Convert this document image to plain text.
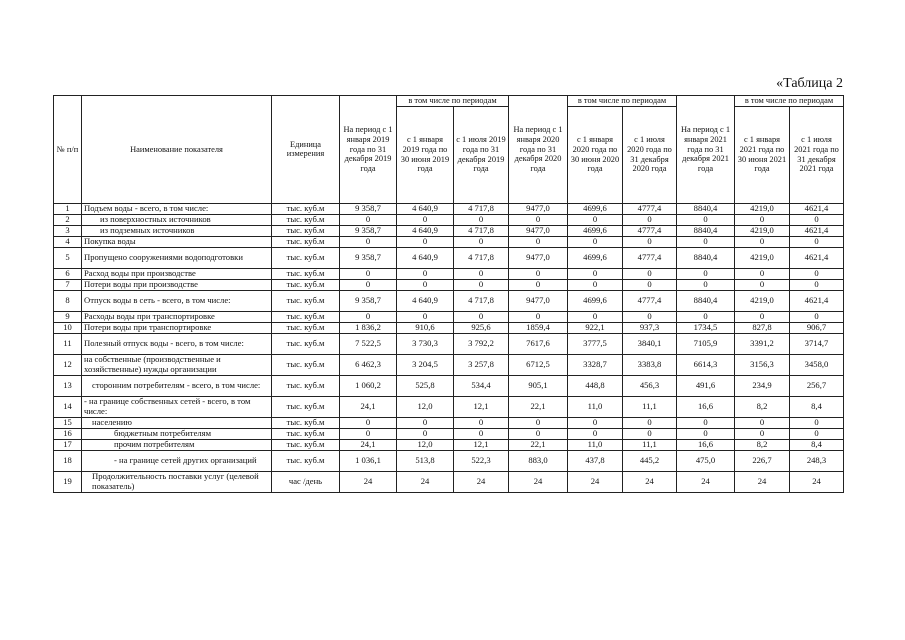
«Таблица 2
№ п/п	Наименование показателя	Единица измерения	На период с 1 января 2019 года по 31 декабря 2019 года	в том числе по периодам		На период с 1 января 2020 года по 31 декабря 2020 года	в том числе по периодам		На период с 1 января 2021 года по 31 декабря 2021 года	в том числе по периодам	
				с 1 января 2019 года по 30 июня 2019 года	с 1 июля 2019 года по 31 декабря 2019 года		с 1 января 2020 года по 30 июня 2020 года	с 1 июля 2020 года по 31 декабря 2020 года		с 1 января 2021 года по 30 июня 2021 года	с 1 июля 2021 года по 31 декабря 2021 года
1	Подъем воды - всего, в том числе:	тыс. куб.м	9 358,7	4 640,9	4 717,8	9477,0	4699,6	4777,4	8840,4	4219,0	4621,4
2	из поверхностных источников	тыс. куб.м	0	0	0	0	0	0	0	0	0
3	из подземных источников	тыс. куб.м	9 358,7	4 640,9	4 717,8	9477,0	4699,6	4777,4	8840,4	4219,0	4621,4
4	Покупка воды	тыс. куб.м	0	0	0	0	0	0	0	0	0
5	Пропущено сооружениями водоподготовки	тыс. куб.м	9 358,7	4 640,9	4 717,8	9477,0	4699,6	4777,4	8840,4	4219,0	4621,4
6	Расход воды при производстве	тыс. куб.м	0	0	0	0	0	0	0	0	0
7	Потери воды при производстве	тыс. куб.м	0	0	0	0	0	0	0	0	0
8	Отпуск воды в сеть - всего, в том числе:	тыс. куб.м	9 358,7	4 640,9	4 717,8	9477,0	4699,6	4777,4	8840,4	4219,0	4621,4
9	Расходы воды при транспортировке	тыс. куб.м	0	0	0	0	0	0	0	0	0
10	Потери воды при транспортировке	тыс. куб.м	1 836,2	910,6	925,6	1859,4	922,1	937,3	1734,5	827,8	906,7
11	Полезный отпуск воды - всего, в том числе:	тыс. куб.м	7 522,5	3 730,3	3 792,2	7617,6	3777,5	3840,1	7105,9	3391,2	3714,7
12	на собственные (производственные и хозяйственные) нужды организации	тыс. куб.м	6 462,3	3 204,5	3 257,8	6712,5	3328,7	3383,8	6614,3	3156,3	3458,0
13	сторонним потребителям - всего, в том числе:	тыс. куб.м	1 060,2	525,8	534,4	905,1	448,8	456,3	491,6	234,9	256,7
14	- на границе собственных сетей - всего, в том числе:	тыс. куб.м	24,1	12,0	12,1	22,1	11,0	11,1	16,6	8,2	8,4
15	населению	тыс. куб.м	0	0	0	0	0	0	0	0	0
16	бюджетным потребителям	тыс. куб.м	0	0	0	0	0	0	0	0	0
17	прочим потребителям	тыс. куб.м	24,1	12,0	12,1	22,1	11,0	11,1	16,6	8,2	8,4
18	- на границе сетей других организаций	тыс. куб.м	1 036,1	513,8	522,3	883,0	437,8	445,2	475,0	226,7	248,3
19	Продолжительность поставки услуг (целевой показатель)	час /день	24	24	24	24	24	24	24	24	24
